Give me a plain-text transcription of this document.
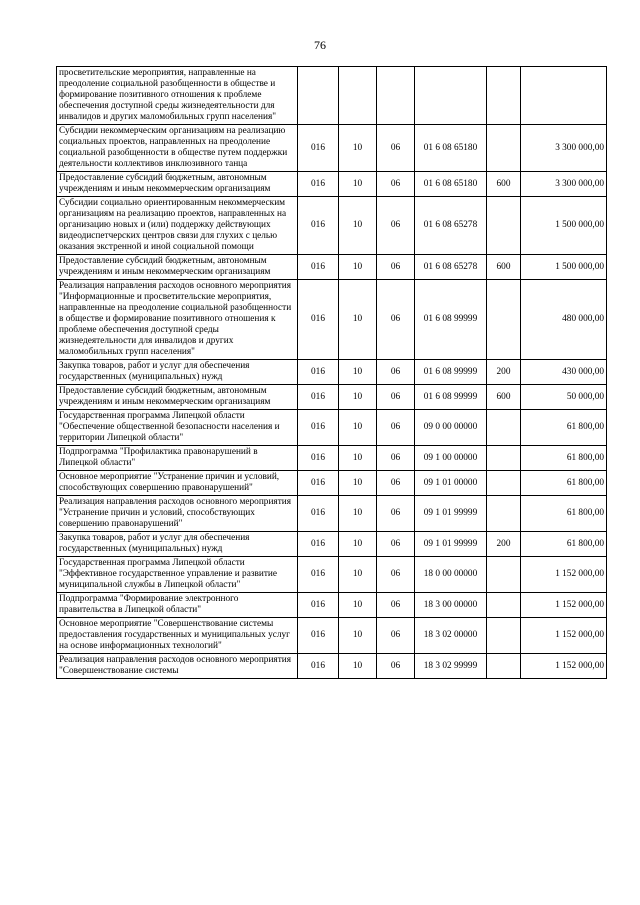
76
просветительские мероприятия, направленные на преодоление социальной разобщенности в обществе и формирование позитивного отношения к проблеме обеспечения доступной среды жизнедеятельности для инвалидов и других маломобильных групп населения"						
Субсидии некоммерческим организациям на реализацию социальных проектов, направленных на преодоление социальной разобщенности в обществе путем поддержки деятельности коллективов инклюзивного танца	016	10	06	01 6 08 65180		3 300 000,00
Предоставление субсидий бюджетным, автономным учреждениям и иным некоммерческим организациям	016	10	06	01 6 08 65180	600	3 300 000,00
Субсидии социально ориентированным некоммерческим организациям на реализацию проектов, направленных на организацию новых и (или) поддержку действующих видеодиспетчерских центров связи для глухих с целью оказания экстренной и иной социальной помощи	016	10	06	01 6 08 65278		1 500 000,00
Предоставление субсидий бюджетным, автономным учреждениям и иным некоммерческим организациям	016	10	06	01 6 08 65278	600	1 500 000,00
Реализация направления расходов основного мероприятия "Информационные и просветительские мероприятия, направленные на преодоление социальной разобщенности в обществе и формирование позитивного отношения к проблеме обеспечения доступной среды жизнедеятельности для инвалидов и других маломобильных групп населения"	016	10	06	01 6 08 99999		480 000,00
Закупка товаров, работ и услуг для обеспечения государственных (муниципальных) нужд	016	10	06	01 6 08 99999	200	430 000,00
Предоставление субсидий бюджетным, автономным учреждениям и иным некоммерческим организациям	016	10	06	01 6 08 99999	600	50 000,00
Государственная программа Липецкой области "Обеспечение общественной безопасности населения и территории Липецкой области"	016	10	06	09 0 00 00000		61 800,00
Подпрограмма "Профилактика правонарушений в Липецкой области"	016	10	06	09 1 00 00000		61 800,00
Основное мероприятие "Устранение причин и условий, способствующих совершению правонарушений"	016	10	06	09 1 01 00000		61 800,00
Реализация направления расходов основного мероприятия "Устранение причин и условий, способствующих совершению правонарушений"	016	10	06	09 1 01 99999		61 800,00
Закупка товаров, работ и услуг для обеспечения государственных (муниципальных) нужд	016	10	06	09 1 01 99999	200	61 800,00
Государственная программа Липецкой области "Эффективное государственное управление и развитие муниципальной службы в Липецкой области"	016	10	06	18 0 00 00000		1 152 000,00
Подпрограмма "Формирование электронного правительства в Липецкой области"	016	10	06	18 3 00 00000		1 152 000,00
Основное мероприятие "Совершенствование системы предоставления государственных и муниципальных услуг на основе информационных технологий"	016	10	06	18 3 02 00000		1 152 000,00
Реализация направления расходов основного мероприятия "Совершенствование системы	016	10	06	18 3 02 99999		1 152 000,00
